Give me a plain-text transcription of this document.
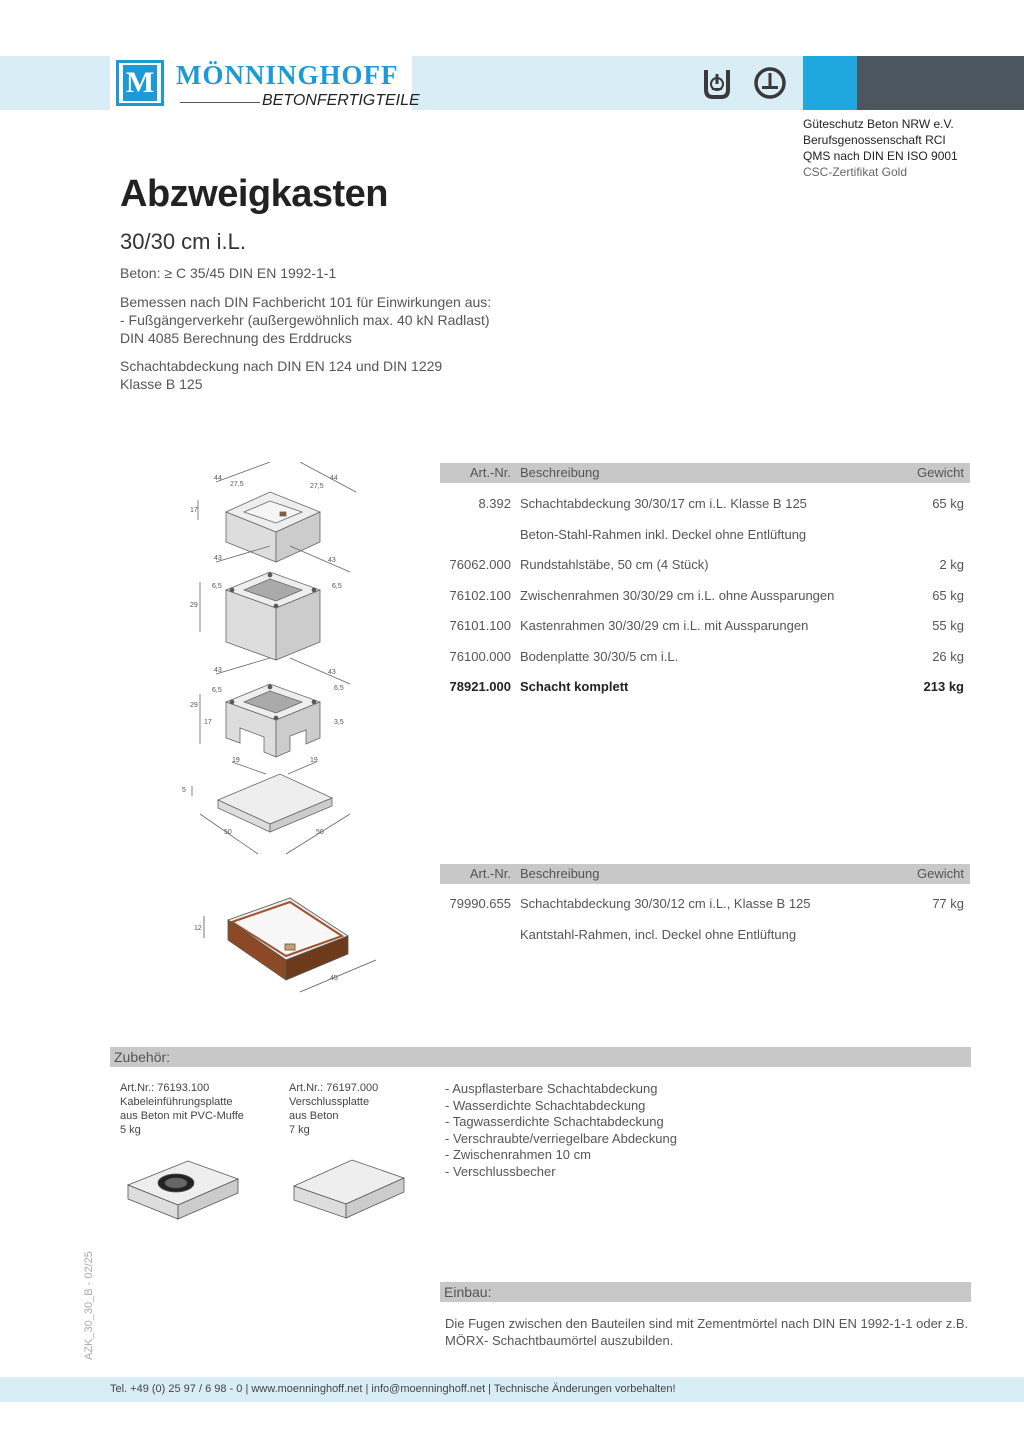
M MÖNNINGHOFF
BETONFERTIGTEILE
Güteschutz Beton NRW e.V.
Berufsgenossenschaft RCI
QMS nach DIN EN ISO 9001
CSC-Zertifikat Gold
Abzweigkasten
30/30 cm i.L.
Beton: ≥ C 35/45 DIN EN 1992-1-1
Bemessen nach DIN Fachbericht 101 für Einwirkungen aus:
- Fußgängerverkehr (außergewöhnlich max. 40 kN Radlast)
DIN 4085 Berechnung des Erddrucks
Schachtabdeckung nach DIN EN 124 und DIN 1229
Klasse B 125
Art.-Nr. Beschreibung	Gewicht
8.392 Schachtabdeckung 30/30/17 cm i.L. Klasse B 125	65 kg
Beton-Stahl-Rahmen inkl. Deckel ohne Entlüftung
76062.000 Rundstahlstäbe, 50 cm (4 Stück)	2 kg
76102.100 Zwischenrahmen 30/30/29 cm i.L. ohne Aussparungen	65 kg
76101.100 Kastenrahmen 30/30/29 cm i.L. mit Aussparungen	55 kg
76100.000 Bodenplatte 30/30/5 cm i.L.	26 kg
78921.000 Schacht komplett	213 kg
44
27,5
44
27,5
17
43	43
6,5	6,5
29
43	43
6,5	6,5
29
17	3,5
19	19
5
50	50
Art.-Nr. Beschreibung	Gewicht
79990.655 Schachtabdeckung 30/30/12 cm i.L., Klasse B 125	77 kg
Kantstahl-Rahmen, incl. Deckel ohne Entlüftung
12
45
Zubehör:
Art.Nr.: 76193.100
Kabeleinführungsplatte
aus Beton mit PVC-Muffe
5 kg
Art.Nr.: 76197.000
Verschlussplatte
aus Beton
7 kg
- Auspflasterbare Schachtabdeckung
- Wasserdichte Schachtabdeckung
- Tagwasserdichte Schachtabdeckung
- Verschraubte/verriegelbare Abdeckung
- Zwischenrahmen 10 cm
- Verschlussbecher
Einbau:
Die Fugen zwischen den Bauteilen sind mit Zementmörtel nach DIN EN 1992-1-1 oder z.B. MÖRX- Schachtbaumörtel auszubilden.
AZK_30_30_B - 02/25
Tel. +49 (0) 25 97 / 6 98 - 0 | www.moenninghoff.net | info@moenninghoff.net | Technische Änderungen vorbehalten!
